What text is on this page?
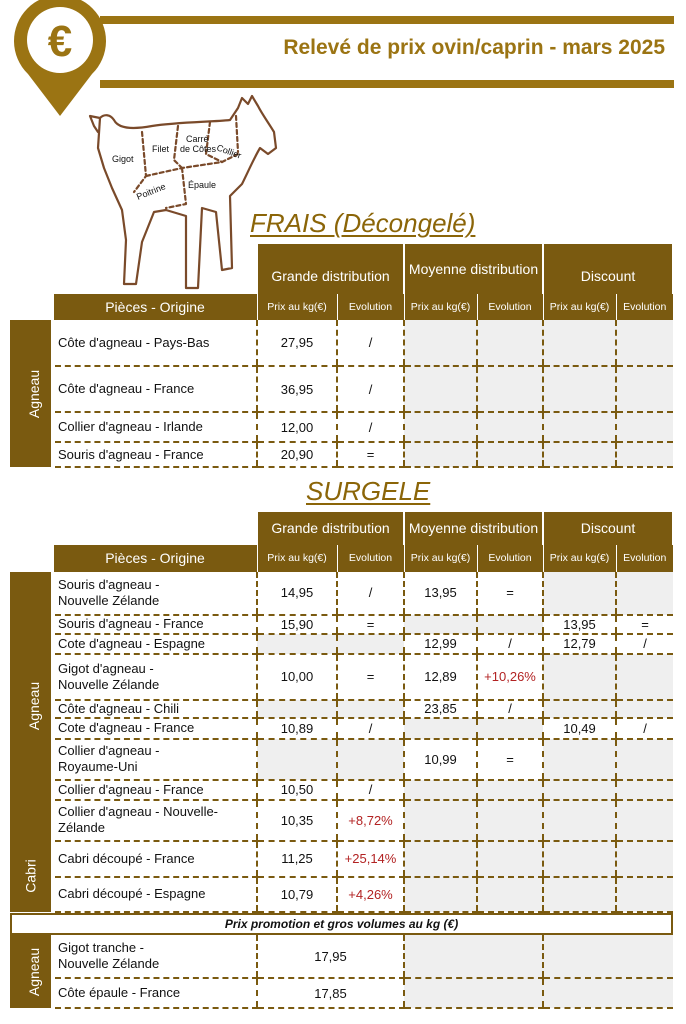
€	Relevé de prix ovin/caprin - mars 2025
Gigot
Filet
Carré
de Côtes Collier
Poitrine Épaule
FRAIS (Décongelé)
		Grande distribution		Moyenne distribution		Discount	
	Pièces - Origine	Prix au kg(€)	Evolution	Prix au kg(€)	Evolution	Prix au kg(€)	Evolution
Agneau	Côte d'agneau - Pays-Bas	27,95	/				
	Côte d'agneau - France	36,95	/				
	Collier d'agneau - Irlande	12,00	/				
	Souris d'agneau - France	20,90	=				
SURGELE
		Grande distribution		Moyenne distribution		Discount	
	Pièces - Origine	Prix au kg(€)	Evolution	Prix au kg(€)	Evolution	Prix au kg(€)	Evolution
Agneau	Souris d'agneau -
Nouvelle Zélande	14,95	/	13,95	=		
	Souris d'agneau - France	15,90	=			13,95	=
	Cote d'agneau - Espagne			12,99	/	12,79	/
	Gigot d'agneau -
Nouvelle Zélande	10,00	=	12,89	+10,26%		
	Côte d'agneau - Chili			23,85	/		
	Cote d'agneau - France	10,89	/			10,49	/
	Collier d'agneau -
Royaume-Uni			10,99	=		
	Collier d'agneau - France	10,50	/				
	Collier d'agneau - Nouvelle-
Zélande	10,35	+8,72%				
Cabri	Cabri découpé - France	11,25	+25,14%				
	Cabri découpé - Espagne	10,79	+4,26%				
Prix promotion et gros volumes au kg (€)
Agneau	Gigot tranche -
Nouvelle Zélande	17,95		
	Côte épaule - France	17,85		
